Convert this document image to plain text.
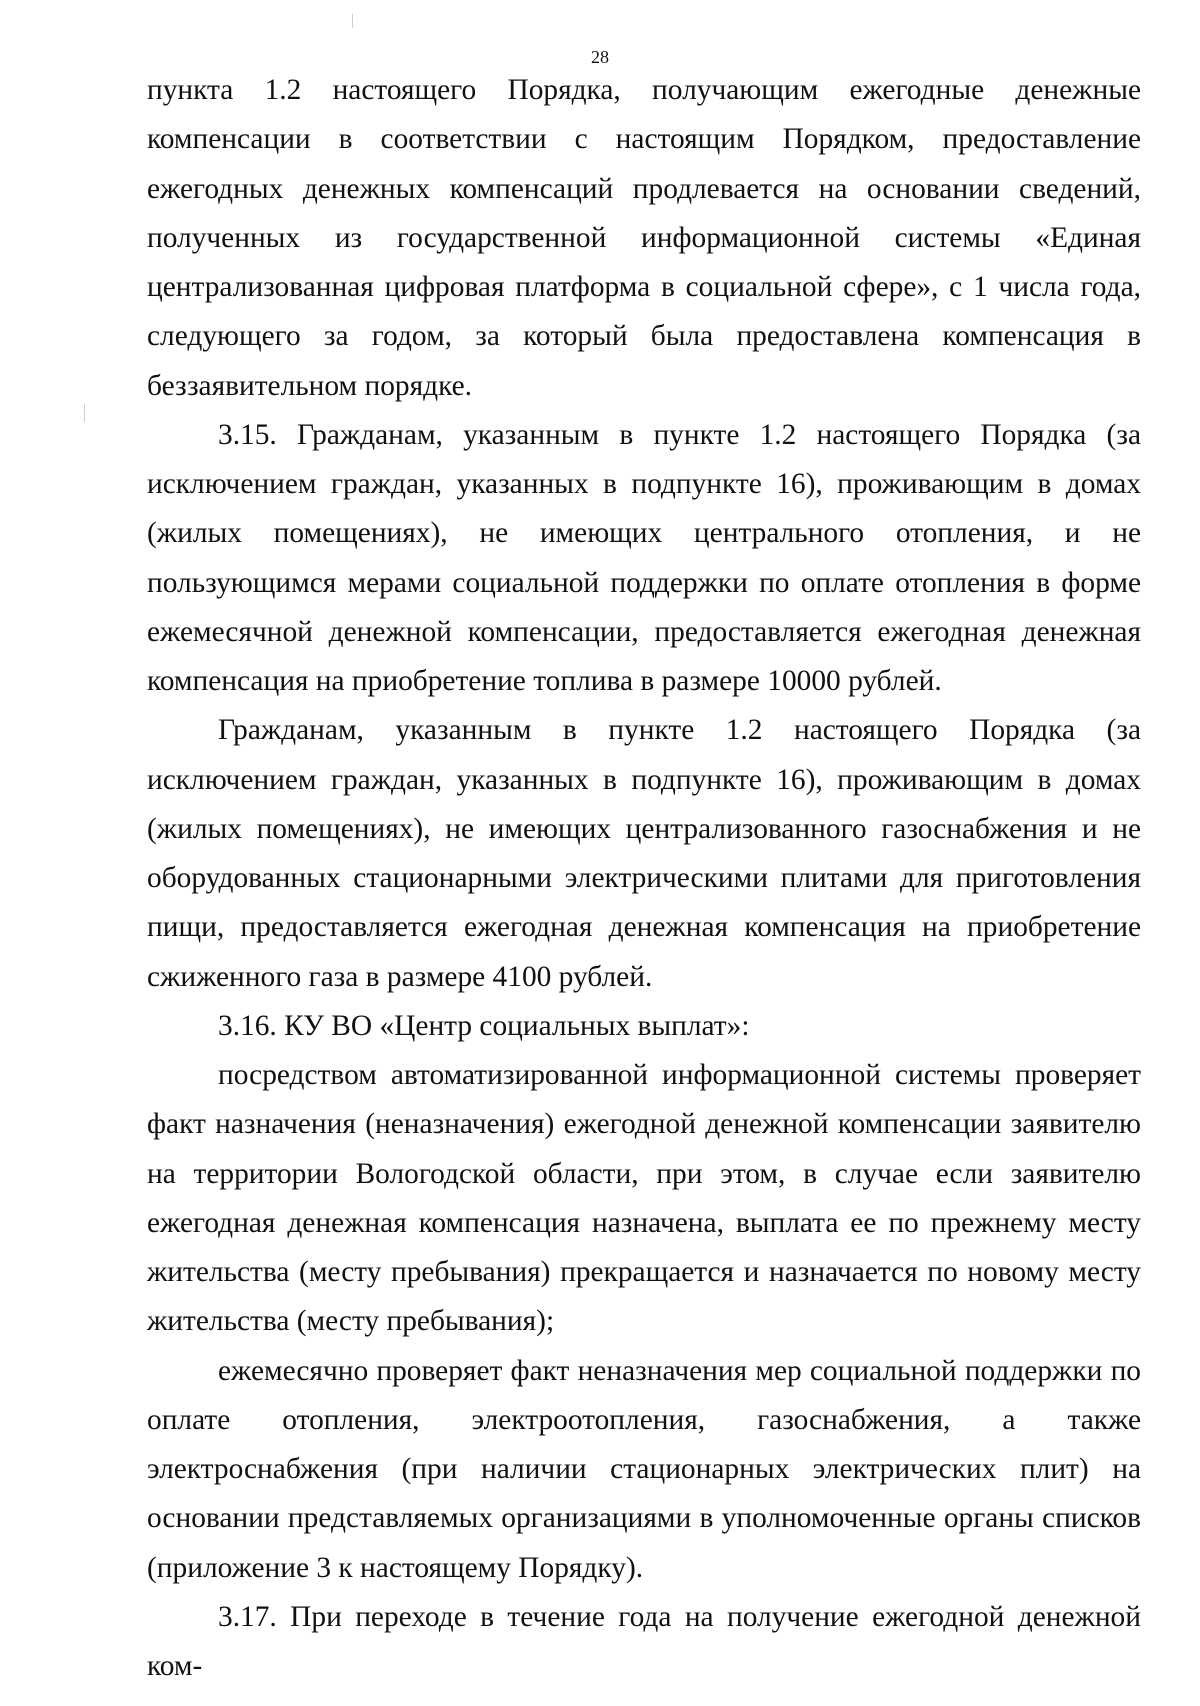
28

пункта 1.2 настоящего Порядка, получающим ежегодные денежные компенсации в соответствии с настоящим Порядком, предоставление ежегодных денежных компенсаций продлевается на основании сведений, полученных из государственной информационной системы «Единая централизованная цифровая платформа в социальной сфере», с 1 числа года, следующего за годом, за который была предоставлена компенсация в беззаявительном порядке.

3.15. Гражданам, указанным в пункте 1.2 настоящего Порядка (за исключением граждан, указанных в подпункте 16), проживающим в домах (жилых помещениях), не имеющих центрального отопления, и не пользующимся мерами социальной поддержки по оплате отопления в форме ежемесячной денежной компенсации, предоставляется ежегодная денежная компенсация на приобретение топлива в размере 10000 рублей.

Гражданам, указанным в пункте 1.2 настоящего Порядка (за исключением граждан, указанных в подпункте 16), проживающим в домах (жилых помещениях), не имеющих централизованного газоснабжения и не оборудованных стационарными электрическими плитами для приготовления пищи, предоставляется ежегодная денежная компенсация на приобретение сжиженного газа в размере 4100 рублей.

3.16. КУ ВО «Центр социальных выплат»:

посредством автоматизированной информационной системы проверяет факт назначения (неназначения) ежегодной денежной компенсации заявителю на территории Вологодской области, при этом, в случае если заявителю ежегодная денежная компенсация назначена, выплата ее по прежнему месту жительства (месту пребывания) прекращается и назначается по новому месту жительства (месту пребывания);

ежемесячно проверяет факт неназначения мер социальной поддержки по оплате отопления, электроотопления, газоснабжения, а также электроснабжения (при наличии стационарных электрических плит) на основании представляемых организациями в уполномоченные органы списков (приложение 3 к настоящему Порядку).

3.17. При переходе в течение года на получение ежегодной денежной ком-
